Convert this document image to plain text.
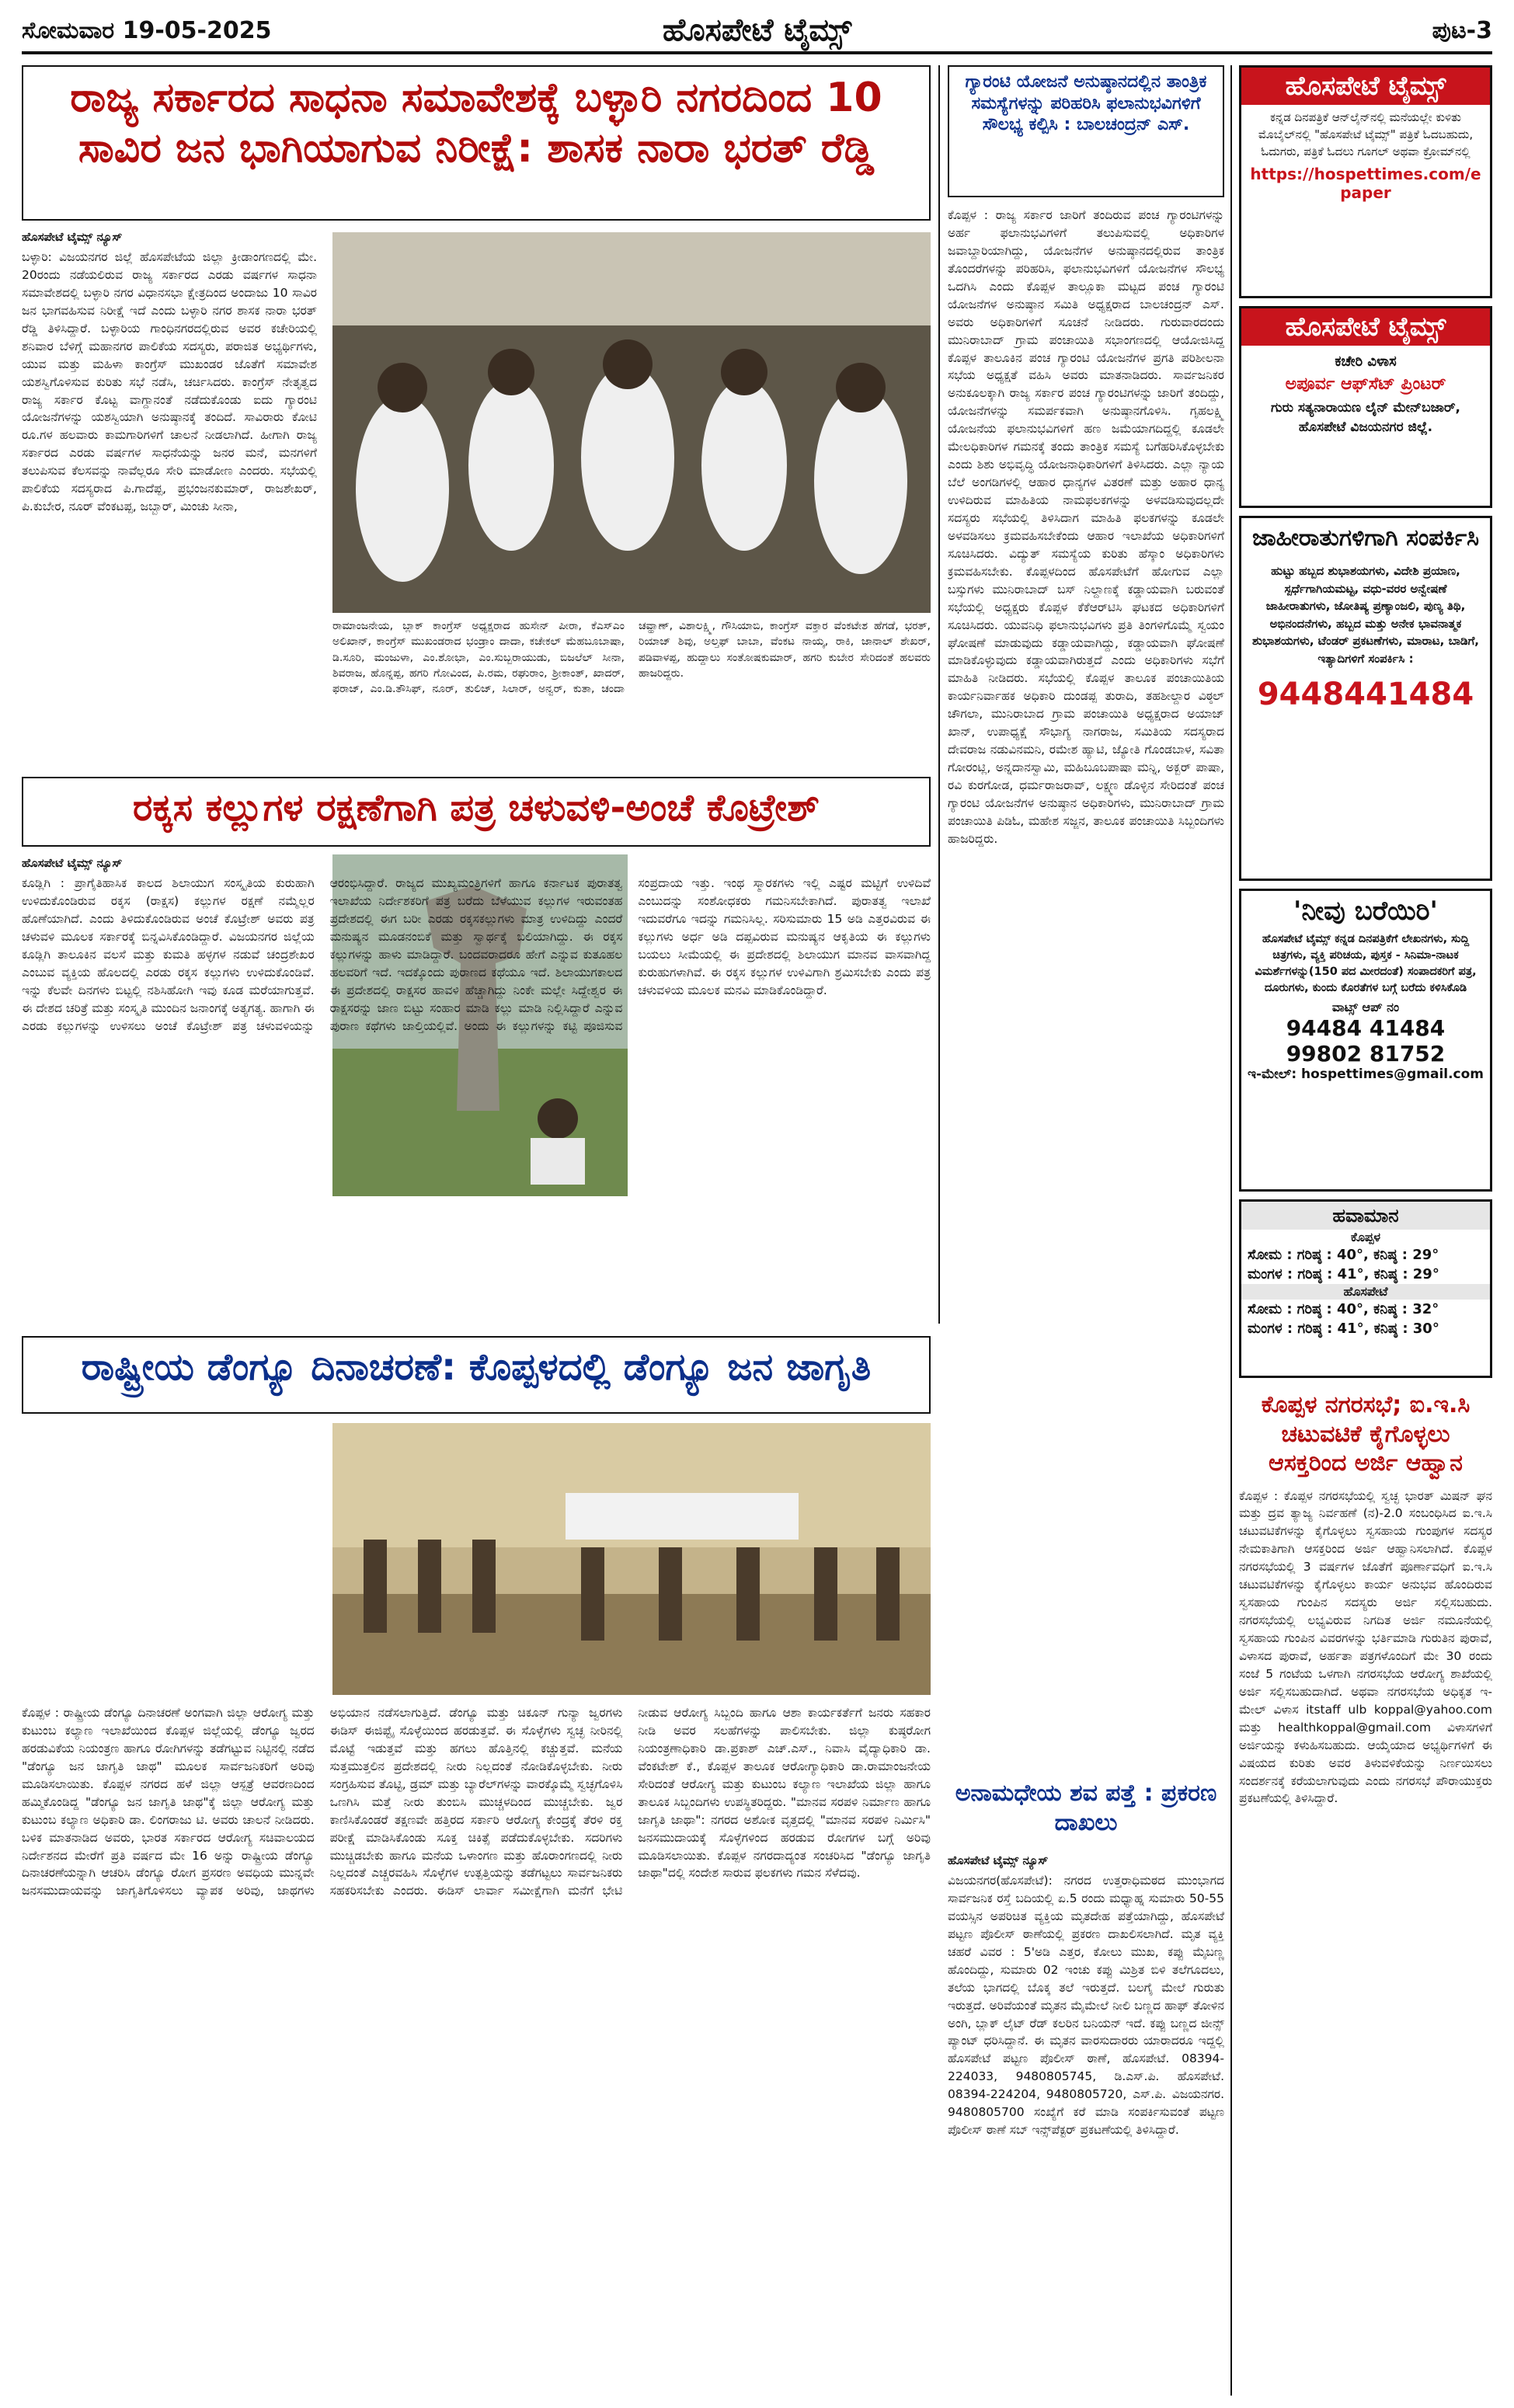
ಹೊಸಪೇಟೆ ಟೈಮ್ಸ್
ಸೋಮವಾರ 19-05-2025	ಪುಟ-3
ರಾಜ್ಯ ಸರ್ಕಾರದ ಸಾಧನಾ ಸಮಾವೇಶಕ್ಕೆ ಬಳ್ಳಾರಿ ನಗರದಿಂದ 10 ಸಾವಿರ ಜನ ಭಾಗಿಯಾಗುವ ನಿರೀಕ್ಷೆ: ಶಾಸಕ ನಾರಾ ಭರತ್ ರೆಡ್ಡಿ
ಹೊಸಪೇಟೆ ಟೈಮ್ಸ್ ನ್ಯೂಸ್
ಬಳ್ಳಾರಿ: ವಿಜಯನಗರ ಜಿಲ್ಲೆ ಹೊಸಪೇಟೆಯ ಜಿಲ್ಲಾ ಕ್ರೀಡಾಂಗಣದಲ್ಲಿ ಮೇ. 20ರಂದು ನಡೆಯಲಿರುವ ರಾಜ್ಯ ಸರ್ಕಾರದ ಎರಡು ವರ್ಷಗಳ ಸಾಧನಾ ಸಮಾವೇಶದಲ್ಲಿ ಬಳ್ಳಾರಿ ನಗರ ವಿಧಾನಸಭಾ ಕ್ಷೇತ್ರದಿಂದ ಅಂದಾಜು 10 ಸಾವಿರ ಜನ ಭಾಗವಹಿಸುವ ನಿರೀಕ್ಷೆ ಇದೆ ಎಂದು ಬಳ್ಳಾರಿ ನಗರ ಶಾಸಕ ನಾರಾ ಭರತ್ ರೆಡ್ಡಿ ತಿಳಿಸಿದ್ದಾರೆ. ಬಳ್ಳಾರಿಯ ಗಾಂಧಿನಗರದಲ್ಲಿರುವ ಅವರ ಕಚೇರಿಯಲ್ಲಿ ಶನಿವಾರ ಬೆಳಿಗ್ಗೆ ಮಹಾನಗರ ಪಾಲಿಕೆಯ ಸದಸ್ಯರು, ಪರಾಜಿತ ಅಭ್ಯರ್ಥಿಗಳು, ಯುವ ಮತ್ತು ಮಹಿಳಾ ಕಾಂಗ್ರೆಸ್ ಮುಖಂಡರ ಜೊತೆಗೆ ಸಮಾವೇಶ ಯಶಸ್ವಿಗೊಳಿಸುವ ಕುರಿತು ಸಭೆ ನಡೆಸಿ, ಚರ್ಚಿಸಿದರು. ಕಾಂಗ್ರೆಸ್ ನೇತೃತ್ವದ ರಾಜ್ಯ ಸರ್ಕಾರ ಕೊಟ್ಟ ವಾಗ್ದಾನಂತೆ ನಡೆದುಕೊಂಡು ಐದು ಗ್ಯಾರಂಟಿ ಯೋಜನೆಗಳನ್ನು ಯಶಸ್ವಿಯಾಗಿ ಅನುಷ್ಠಾನಕ್ಕೆ ತಂದಿದೆ. ಸಾವಿರಾರು ಕೋಟಿ ರೂ.ಗಳ ಹಲವಾರು ಕಾಮಗಾರಿಗಳಿಗೆ ಚಾಲನೆ ನೀಡಲಾಗಿದೆ. ಹೀಗಾಗಿ ರಾಜ್ಯ ಸರ್ಕಾರದ ಎರಡು ವರ್ಷಗಳ ಸಾಧನೆಯನ್ನು ಜನರ ಮನೆ, ಮನಗಳಿಗೆ ತಲುಪಿಸುವ ಕೆಲಸವನ್ನು ನಾವೆಲ್ಲರೂ ಸೇರಿ ಮಾಡೋಣ ಎಂದರು. ಸಭೆಯಲ್ಲಿ ಪಾಲಿಕೆಯ ಸದಸ್ಯರಾದ ಪಿ.ಗಾದೆಪ್ಪ, ಪ್ರಭಂಜನಕುಮಾರ್, ರಾಜಶೇಖರ್, ಪಿ.ಕುಬೇರ, ನೂರ್ ವೆಂಕಟಪ್ಪ, ಜಬ್ಬಾರ್, ಮಿಂಚು ಸೀನಾ,
ರಾಮಾಂಜನೇಯ, ಬ್ಲಾಕ್ ಕಾಂಗ್ರೆಸ್ ಅಧ್ಯಕ್ಷರಾದ ಹುಸೇನ್ ಪೀರಾ, ಕೆಎಸ್ಎಂ ಅಲಿಖಾನ್, ಕಾಂಗ್ರೆಸ್ ಮುಖಂಡರಾದ ಭಂಡ್ರಾಂ ದಾದಾ, ಕಚೇಕಲ್ ಮೆಹಬೂಬಾಷಾ, ಡಿ.ಸೂರಿ, ಮಂಜುಳಾ, ಎಂ.ಶೋಭಾ, ಎಂ.ಸುಬ್ಬರಾಯುಡು, ಬಿಜಲೆಲ್ ಸೀನಾ, ಶಿವರಾಜ, ಹೊನ್ನಪ್ಪ, ಹಗರಿ ಗೋವಿಂದ, ಪಿ.ರಮ, ರಘುರಾಂ, ಶ್ರೀಕಾಂತ್, ಖಾದರ್, ಫರಾಜ್, ಎಂ.ಡಿ.ತೌಸಿಫ್, ನೂರ್, ತುಲಿಜ್, ಸಿಲಾರ್, ಅನ್ವರ್, ಕುತಾ, ಚಂದಾ ಚವ್ಹಾಣ್, ವಿಶಾಲಕ್ಷ್ಮಿ, ಗೌಸಿಯಾಬಿ, ಕಾಂಗ್ರೆಸ್ ವಕ್ತಾರ ವೆಂಕಟೇಶ ಹೆಗಡೆ, ಭರತ್, ರಿಯಾಜ್ ಶಿವು, ಅಲ್ತಫ್ ಬಾಬಾ, ವೆಂಕಟ ನಾಯ್ಕ, ರಾಕಿ, ಜಾನಾಲ್ ಶೇಖರ್, ಪಡಿವಾಳಪ್ಪ, ಹುದ್ದಾಲು ಸಂತೋಷಕುಮಾರ್, ಹಗರಿ ಕುಬೇರ ಸೇರಿದಂತೆ ಹಲವರು ಹಾಜರಿದ್ದರು.
ಗ್ಯಾರಂಟಿ ಯೋಜನೆ ಅನುಷ್ಠಾನದಲ್ಲಿನ ತಾಂತ್ರಿಕ ಸಮಸ್ಯೆಗಳನ್ನು ಪರಿಹರಿಸಿ ಫಲಾನುಭವಿಗಳಿಗೆ ಸೌಲಭ್ಯ ಕಲ್ಪಿಸಿ : ಬಾಲಚಂದ್ರನ್ ಎಸ್.
ಕೊಪ್ಪಳ : ರಾಜ್ಯ ಸರ್ಕಾರ ಜಾರಿಗೆ ತಂದಿರುವ ಪಂಚ ಗ್ಯಾರಂಟಿಗಳನ್ನು ಅರ್ಹ ಫಲಾನುಭವಿಗಳಿಗೆ ತಲುಪಿಸುವಲ್ಲಿ ಅಧಿಕಾರಿಗಳ ಜವಾಬ್ದಾರಿಯಾಗಿದ್ದು, ಯೋಜನೆಗಳ ಅನುಷ್ಠಾನದಲ್ಲಿರುವ ತಾಂತ್ರಿಕ ತೊಂದರೆಗಳನ್ನು ಪರಿಹರಿಸಿ, ಫಲಾನುಭವಿಗಳಿಗೆ ಯೋಜನೆಗಳ ಸೌಲಭ್ಯ ಒದಗಿಸಿ ಎಂದು ಕೊಪ್ಪಳ ತಾಲ್ಲೂಕಾ ಮಟ್ಟದ ಪಂಚ ಗ್ಯಾರಂಟಿ ಯೋಜನೆಗಳ ಅನುಷ್ಠಾನ ಸಮಿತಿ ಅಧ್ಯಕ್ಷರಾದ ಬಾಲಚಂದ್ರನ್ ಎಸ್. ಅವರು ಅಧಿಕಾರಿಗಳಿಗೆ ಸೂಚನೆ ನೀಡಿದರು. ಗುರುವಾರದಂದು ಮುನಿರಾಬಾದ್ ಗ್ರಾಮ ಪಂಚಾಯಿತಿ ಸಭಾಂಗಣದಲ್ಲಿ ಆಯೋಜಿಸಿದ್ದ ಕೊಪ್ಪಳ ತಾಲೂಕಿನ ಪಂಚ ಗ್ಯಾರಂಟಿ ಯೋಜನೆಗಳ ಪ್ರಗತಿ ಪರಿಶೀಲನಾ ಸಭೆಯ ಅಧ್ಯಕ್ಷತೆ ವಹಿಸಿ ಅವರು ಮಾತನಾಡಿದರು. ಸಾರ್ವಜನಿಕರ ಅನುಕೂಲಕ್ಕಾಗಿ ರಾಜ್ಯ ಸರ್ಕಾರ ಪಂಚ ಗ್ಯಾರಂಟಿಗಳನ್ನು ಜಾರಿಗೆ ತಂದಿದ್ದು, ಯೋಜನೆಗಳನ್ನು ಸಮರ್ಪಕವಾಗಿ ಅನುಷ್ಠಾನಗೊಳಿಸಿ. ಗೃಹಲಕ್ಷ್ಮಿ ಯೋಜನೆಯ ಫಲಾನುಭವಿಗಳಿಗೆ ಹಣ ಜಮೆಯಾಗದಿದ್ದಲ್ಲಿ ಕೂಡಲೇ ಮೇಲಧಿಕಾರಿಗಳ ಗಮನಕ್ಕೆ ತಂದು ತಾಂತ್ರಿಕ ಸಮಸ್ಯೆ ಬಗೆಹರಿಸಿಕೊಳ್ಳಬೇಕು ಎಂದು ಶಿಶು ಅಭಿವೃದ್ಧಿ ಯೋಜನಾಧಿಕಾರಿಗಳಿಗೆ ತಿಳಿಸಿದರು. ಎಲ್ಲಾ ನ್ಯಾಯ ಬೆಲೆ ಅಂಗಡಿಗಳಲ್ಲಿ ಆಹಾರ ಧಾನ್ಯಗಳ ವಿತರಣೆ ಮತ್ತು ಅಹಾರ ಧಾನ್ಯ ಉಳಿದಿರುವ ಮಾಹಿತಿಯ ನಾಮಫಲಕಗಳನ್ನು ಅಳವಡಿಸುವುದಲ್ಲದೇ ಸದಸ್ಯರು ಸಭೆಯಲ್ಲಿ ತಿಳಿಸಿದಾಗ ಮಾಹಿತಿ ಫಲಕಗಳನ್ನು ಕೂಡಲೇ ಅಳವಡಿಸಲು ಕ್ರಮವಹಿಸಬೇಕೆಂದು ಆಹಾರ ಇಲಾಖೆಯ ಅಧಿಕಾರಿಗಳಿಗೆ ಸೂಚಿಸಿದರು. ವಿದ್ಯುತ್ ಸಮಸ್ಯೆಯ ಕುರಿತು ಹೆಸ್ಕಾಂ ಅಧಿಕಾರಿಗಳು ಕ್ರಮವಹಿಸಬೇಕು. ಕೊಪ್ಪಳದಿಂದ ಹೊಸಪೇಟೆಗೆ ಹೋಗುವ ಎಲ್ಲಾ ಬಸ್ಸುಗಳು ಮುನಿರಾಬಾದ್ ಬಸ್ ನಿಲ್ದಾಣಕ್ಕೆ ಕಡ್ಡಾಯವಾಗಿ ಬರುವಂತೆ ಸಭೆಯಲ್ಲಿ ಅಧ್ಯಕ್ಷರು ಕೊಪ್ಪಳ ಕೆಕೆಆರ್‌ಟಿಸಿ ಘಟಕದ ಅಧಿಕಾರಿಗಳಿಗೆ ಸೂಚಿಸಿದರು. ಯುವನಿಧಿ ಫಲಾನುಭವಿಗಳು ಪ್ರತಿ ತಿಂಗಳಿಗೊಮ್ಮೆ ಸ್ವಯಂ ಘೋಷಣೆ ಮಾಡುವುದು ಕಡ್ಡಾಯವಾಗಿದ್ದು, ಕಡ್ಡಾಯವಾಗಿ ಘೋಷಣೆ ಮಾಡಿಕೊಳ್ಳುವುದು ಕಡ್ಡಾಯವಾಗಿರುತ್ತದೆ ಎಂದು ಅಧಿಕಾರಿಗಳು ಸಭೆಗೆ ಮಾಹಿತಿ ನೀಡಿದರು. ಸಭೆಯಲ್ಲಿ ಕೊಪ್ಪಳ ತಾಲೂಕ ಪಂಚಾಯಿತಿಯ ಕಾರ್ಯನಿರ್ವಾಹಕ ಅಧಿಕಾರಿ ದುಂಡಪ್ಪ ತುರಾದಿ, ತಹಶೀಲ್ದಾರ ವಿಠ್ಠಲ್ ಚೌಗಲಾ, ಮುನಿರಾಬಾದ ಗ್ರಾಮ ಪಂಚಾಯಿತಿ ಅಧ್ಯಕ್ಷರಾದ ಅಯಾಜ್ ಖಾನ್, ಉಪಾಧ್ಯಕ್ಷೆ ಸೌಭಾಗ್ಯ ನಾಗರಾಜ, ಸಮಿತಿಯ ಸದಸ್ಯರಾದ ದೇವರಾಜ ನಡುವಿನಮನಿ, ರಮೇಶ ಹ್ಯಾಟಿ, ಜ್ಯೋತಿ ಗೊಂಡಬಾಳ, ಸವಿತಾ ಗೋರಂಟ್ಲಿ, ಅನ್ನದಾನಸ್ವಾಮಿ, ಮಹಿಬೂಬಪಾಷಾ ಮನ್ನಿ, ಅಕ್ಬರ್ ಪಾಷಾ, ರವಿ ಕುರಗೋಡ, ಧರ್ಮರಾಜರಾವ್, ಲಕ್ಷ್ಮಣ ಡೊಳ್ಳಿನ ಸೇರಿದಂತೆ ಪಂಚ ಗ್ಯಾರಂಟಿ ಯೋಜನೆಗಳ ಅನುಷ್ಠಾನ ಅಧಿಕಾರಿಗಳು, ಮುನಿರಾಬಾದ್ ಗ್ರಾಮ ಪಂಚಾಯಿತಿ ಪಿಡಿಓ, ಮಹೇಶ ಸಜ್ಜನ, ತಾಲೂಕ ಪಂಚಾಯಿತಿ ಸಿಬ್ಬಂದಿಗಳು ಹಾಜರಿದ್ದರು.
ರಕ್ಕಸ ಕಲ್ಲುಗಳ ರಕ್ಷಣೆಗಾಗಿ ಪತ್ರ ಚಳುವಳಿ-ಅಂಚೆ ಕೊಟ್ರೇಶ್
ಹೊಸಪೇಟೆ ಟೈಮ್ಸ್ ನ್ಯೂಸ್
ಕೂಡ್ಲಿಗಿ : ಪ್ರಾಗೈತಿಹಾಸಿಕ ಕಾಲದ ಶಿಲಾಯುಗ ಸಂಸ್ಕೃತಿಯ ಕುರುಹಾಗಿ ಉಳಿದುಕೊಂಡಿರುವ ರಕ್ಕಸ (ರಾಕ್ಷಸ) ಕಲ್ಲುಗಳ ರಕ್ಷಣೆ ನಮ್ಮೆಲ್ಲರ ಹೊಣೆಯಾಗಿದೆ. ಎಂದು ತಿಳಿದುಕೊಂಡಿರುವ ಅಂಚೆ ಕೊಟ್ರೇಶ್ ಅವರು ಪತ್ರ ಚಳುವಳಿ ಮೂಲಕ ಸರ್ಕಾರಕ್ಕೆ ಬಿನ್ನವಿಸಿಕೊಂಡಿದ್ದಾರೆ. ವಿಜಯನಗರ ಜಿಲ್ಲೆಯ ಕೂಡ್ಲಿಗಿ ತಾಲೂಕಿನ ವಲಸೆ ಮತ್ತು ಕುಮತಿ ಹಳ್ಳಗಳ ನಡುವೆ ಚಂದ್ರಶೇಖರ ಎಂಬುವ ವ್ಯಕ್ತಿಯ ಹೊಲದಲ್ಲಿ ಎರಡು ರಕ್ಕಸ ಕಲ್ಲುಗಳು ಉಳಿದುಕೊಂಡಿವೆ. ಇನ್ನು ಕೆಲವೇ ದಿನಗಳು ಬಿಟ್ಟಲ್ಲಿ ನಶಿಸಿಹೋಗಿ ಇವು ಕೂಡ ಮರೆಯಾಗುತ್ತವೆ. ಈ ದೇಶದ ಚರಿತ್ರೆ ಮತ್ತು ಸಂಸ್ಕೃತಿ ಮುಂದಿನ ಜನಾಂಗಕ್ಕೆ ಅತ್ಯಗತ್ಯ. ಹಾಗಾಗಿ ಈ ಎರಡು ಕಲ್ಲುಗಳನ್ನು ಉಳಿಸಲು ಅಂಚೆ ಕೊಟ್ರೇಶ್ ಪತ್ರ ಚಳುವಳಿಯನ್ನು ಆರಂಭಿಸಿದ್ದಾರೆ. ರಾಜ್ಯದ ಮುಖ್ಯಮಂತ್ರಿಗಳಿಗೆ ಹಾಗೂ ಕರ್ನಾಟಕ ಪುರಾತತ್ವ ಇಲಾಖೆಯ ನಿರ್ದೇಶಕರಿಗೆ ಪತ್ರ ಬರೆದು ಬೆಳೆಯುವ ಕಲ್ಲುಗಳ ಇರುವಂತಹ ಪ್ರದೇಶದಲ್ಲಿ ಈಗ ಬರೀ ಎರಡು ರಕ್ಕಸಕಲ್ಲುಗಳು ಮಾತ್ರ ಉಳಿದಿದ್ದು ಎಂದರೆ ಮನುಷ್ಯನ ಮೂಡನಂಬಿಕೆ ಮತ್ತು ಸ್ವಾರ್ಥಕ್ಕೆ ಬಲಿಯಾಗಿದ್ದು. ಈ ರಕ್ಕಸ ಕಲ್ಲುಗಳನ್ನು ಹಾಳು ಮಾಡಿದ್ದಾರೆ. ಬಂದವರಾದರೂ ಹೇಗೆ ಎನ್ನುವ ಕುತೂಹಲ ಹಲವರಿಗೆ ಇದೆ. ಇದಕ್ಕೊಂದು ಪುರಾಣದ ಕಥೆಯೂ ಇದೆ. ಶಿಲಾಯುಗಕಾಲದ ಈ ಪ್ರದೇಶದಲ್ಲಿ ರಾಕ್ಷಸರ ಹಾವಳಿ ಹೆಚ್ಚಾಗಿದ್ದು ನಿಂಕೇ ಮಲ್ಲೇ ಸಿದ್ದೇಶ್ವರ ಈ ರಾಕ್ಷಸರನ್ನು ಜಾಣ ಬಿಟ್ಟು ಸಂಹಾರ ಮಾಡಿ ಕಲ್ಲು ಮಾಡಿ ನಿಲ್ಲಿಸಿದ್ದಾರೆ ಎನ್ನುವ ಪುರಾಣ ಕಥೆಗಳು ಜಾಲ್ತಿಯಲ್ಲಿವೆ. ಅಂದು ಈ ಕಲ್ಲುಗಳನ್ನು ಕಟ್ಟಿ ಪೂಜಿಸುವ ಸಂಪ್ರದಾಯ ಇತ್ತು. ಇಂಥ ಸ್ಮಾರಕಗಳು ಇಲ್ಲಿ ಎಷ್ಟರ ಮಟ್ಟಿಗೆ ಉಳಿದಿವೆ ಎಂಬುದನ್ನು ಸಂಶೋಧಕರು ಗಮನಿಸಬೇಕಾಗಿದೆ. ಪುರಾತತ್ವ ಇಲಾಖೆ ಇದುವರೆಗೂ ಇದನ್ನು ಗಮನಿಸಿಲ್ಲ. ಸರಿಸುಮಾರು 15 ಅಡಿ ಎತ್ತರವಿರುವ ಈ ಕಲ್ಲುಗಳು ಅರ್ಧ ಅಡಿ ದಪ್ಪವಿರುವ ಮನುಷ್ಯನ ಆಕೃತಿಯ ಈ ಕಲ್ಲುಗಳು ಬಯಲು ಸೀಮೆಯಲ್ಲಿ ಈ ಪ್ರದೇಶದಲ್ಲಿ ಶಿಲಾಯುಗ ಮಾನವ ವಾಸವಾಗಿದ್ದ ಕುರುಹುಗಳಾಗಿವೆ. ಈ ರಕ್ಕಸ ಕಲ್ಲುಗಳ ಉಳಿವಿಗಾಗಿ ಶ್ರಮಿಸಬೇಕು ಎಂದು ಪತ್ರ ಚಳುವಳಿಯ ಮೂಲಕ ಮನವಿ ಮಾಡಿಕೊಂಡಿದ್ದಾರೆ.
ರಾಷ್ಟ್ರೀಯ ಡೆಂಗ್ಯೂ ದಿನಾಚರಣೆ: ಕೊಪ್ಪಳದಲ್ಲಿ ಡೆಂಗ್ಯೂ ಜನ ಜಾಗೃತಿ
ಕೊಪ್ಪಳ : ರಾಷ್ಟ್ರೀಯ ಡೆಂಗ್ಯೂ ದಿನಾಚರಣೆ ಅಂಗವಾಗಿ ಜಿಲ್ಲಾ ಆರೋಗ್ಯ ಮತ್ತು ಕುಟುಂಬ ಕಲ್ಯಾಣ ಇಲಾಖೆಯಿಂದ ಕೊಪ್ಪಳ ಜಿಲ್ಲೆಯಲ್ಲಿ ಡೆಂಗ್ಯೂ ಜ್ವರದ ಹರಡುವಿಕೆಯ ನಿಯಂತ್ರಣ ಹಾಗೂ ರೋಗಿಗಳನ್ನು ತಡೆಗಟ್ಟುವ ನಿಟ್ಟಿನಲ್ಲಿ ನಡೆದ "ಡೆಂಗ್ಯೂ ಜನ ಜಾಗೃತಿ ಜಾಥ" ಮೂಲಕ ಸಾರ್ವಜನಿಕರಿಗೆ ಅರಿವು ಮೂಡಿಸಲಾಯಿತು. ಕೊಪ್ಪಳ ನಗರದ ಹಳೆ ಜಿಲ್ಲಾ ಆಸ್ಪತ್ರೆ ಆವರಣದಿಂದ ಹಮ್ಮಿಕೊಂಡಿದ್ದ "ಡೆಂಗ್ಯೂ ಜನ ಜಾಗೃತಿ ಜಾಥ"ಕ್ಕೆ ಜಿಲ್ಲಾ ಆರೋಗ್ಯ ಮತ್ತು ಕುಟುಂಬ ಕಲ್ಯಾಣ ಅಧಿಕಾರಿ ಡಾ. ಲಿಂಗರಾಜು ಟಿ. ಅವರು ಚಾಲನೆ ನೀಡಿದರು. ಬಳಿಕ ಮಾತನಾಡಿದ ಅವರು, ಭಾರತ ಸರ್ಕಾರದ ಆರೋಗ್ಯ ಸಚಿವಾಲಯದ ನಿರ್ದೇಶನದ ಮೇರೆಗೆ ಪ್ರತಿ ವರ್ಷದ ಮೇ 16 ಅನ್ನು ರಾಷ್ಟ್ರೀಯ ಡೆಂಗ್ಯೂ ದಿನಾಚರಣೆಯನ್ನಾಗಿ ಆಚರಿಸಿ ಡೆಂಗ್ಯೂ ರೋಗ ಪ್ರಸರಣ ಅವಧಿಯ ಮುನ್ನವೇ ಜನಸಮುದಾಯವನ್ನು ಜಾಗೃತಿಗೊಳಿಸಲು ವ್ಯಾಪಕ ಅರಿವು, ಜಾಥಗಳು ಅಭಿಯಾನ ನಡೆಸಲಾಗುತ್ತಿದೆ. ಡೆಂಗ್ಯೂ ಮತ್ತು ಚಿಕೂನ್ ಗುನ್ಯಾ ಜ್ವರಗಳು ಈಡಿಸ್ ಈಜಿಪ್ಟೈ ಸೊಳ್ಳೆಯಿಂದ ಹರಡುತ್ತವೆ. ಈ ಸೊಳ್ಳೆಗಳು ಸ್ವಚ್ಛ ನೀರಿನಲ್ಲಿ ಮೊಟ್ಟೆ ಇಡುತ್ತವೆ ಮತ್ತು ಹಗಲು ಹೊತ್ತಿನಲ್ಲಿ ಕಚ್ಚುತ್ತವೆ. ಮನೆಯ ಸುತ್ತಮುತ್ತಲಿನ ಪ್ರದೇಶದಲ್ಲಿ ನೀರು ನಿಲ್ಲದಂತೆ ನೋಡಿಕೊಳ್ಳಬೇಕು. ನೀರು ಸಂಗ್ರಹಿಸುವ ತೊಟ್ಟಿ, ಡ್ರಮ್ ಮತ್ತು ಬ್ಯಾರೆಲ್‌ಗಳನ್ನು ವಾರಕ್ಕೊಮ್ಮೆ ಸ್ವಚ್ಛಗೊಳಿಸಿ ಒಣಗಿಸಿ ಮತ್ತೆ ನೀರು ತುಂಬಿಸಿ ಮುಚ್ಚಳದಿಂದ ಮುಚ್ಚಬೇಕು. ಜ್ವರ ಕಾಣಿಸಿಕೊಂಡರೆ ತಕ್ಷಣವೇ ಹತ್ತಿರದ ಸರ್ಕಾರಿ ಆರೋಗ್ಯ ಕೇಂದ್ರಕ್ಕೆ ತೆರಳಿ ರಕ್ತ ಪರೀಕ್ಷೆ ಮಾಡಿಸಿಕೊಂಡು ಸೂಕ್ತ ಚಿಕಿತ್ಸೆ ಪಡೆದುಕೊಳ್ಳಬೇಕು. ಸದರಿಗಳು ಮುಚ್ಚಿಡಬೇಕು ಹಾಗೂ ಮನೆಯ ಒಳಾಂಗಣ ಮತ್ತು ಹೊರಾಂಗಣದಲ್ಲಿ ನೀರು ನಿಲ್ಲದಂತೆ ಎಚ್ಚರವಹಿಸಿ ಸೊಳ್ಳೆಗಳ ಉತ್ಪತ್ತಿಯನ್ನು ತಡೆಗಟ್ಟಲು ಸಾರ್ವಜನಿಕರು ಸಹಕರಿಸಬೇಕು ಎಂದರು. ಈಡಿಸ್ ಲಾರ್ವಾ ಸಮೀಕ್ಷೆಗಾಗಿ ಮನೆಗೆ ಭೇಟಿ ನೀಡುವ ಆರೋಗ್ಯ ಸಿಬ್ಬಂದಿ ಹಾಗೂ ಆಶಾ ಕಾರ್ಯಕರ್ತೆಗೆ ಜನರು ಸಹಕಾರ ನೀಡಿ ಅವರ ಸಲಹೆಗಳನ್ನು ಪಾಲಿಸಬೇಕು. ಜಿಲ್ಲಾ ಕುಷ್ಠರೋಗ ನಿಯಂತ್ರಣಾಧಿಕಾರಿ ಡಾ.ಪ್ರಕಾಶ್ ಎಚ್.ಎಸ್., ನಿವಾಸಿ ವೈದ್ಯಾಧಿಕಾರಿ ಡಾ. ವೆಂಕಟೇಶ್ ಕೆ., ಕೊಪ್ಪಳ ತಾಲೂಕ ಆರೋಗ್ಯಾಧಿಕಾರಿ ಡಾ.ರಾಮಾಂಜನೇಯ ಸೇರಿದಂತೆ ಆರೋಗ್ಯ ಮತ್ತು ಕುಟುಂಬ ಕಲ್ಯಾಣ ಇಲಾಖೆಯ ಜಿಲ್ಲಾ ಹಾಗೂ ತಾಲೂಕ ಸಿಬ್ಬಂದಿಗಳು ಉಪಸ್ಥಿತರಿದ್ದರು. "ಮಾನವ ಸರಪಳಿ ನಿರ್ಮಾಣ ಹಾಗೂ ಜಾಗೃತಿ ಜಾಥಾ": ನಗರದ ಅಶೋಕ ವೃತ್ತದಲ್ಲಿ "ಮಾನವ ಸರಪಳಿ ನಿರ್ಮಿಸಿ" ಜನಸಮುದಾಯಕ್ಕೆ ಸೊಳ್ಳೆಗಳಿಂದ ಹರಡುವ ರೋಗಗಳ ಬಗ್ಗೆ ಅರಿವು ಮೂಡಿಸಲಾಯಿತು. ಕೊಪ್ಪಳ ನಗರದಾದ್ಯಂತ ಸಂಚರಿಸಿದ "ಡೆಂಗ್ಯೂ ಜಾಗೃತಿ ಜಾಥಾ"ದಲ್ಲಿ ಸಂದೇಶ ಸಾರುವ ಫಲಕಗಳು ಗಮನ ಸೆಳೆದವು.
ಅನಾಮಧೇಯ ಶವ ಪತ್ತೆ : ಪ್ರಕರಣ ದಾಖಲು
ಹೊಸಪೇಟೆ ಟೈಮ್ಸ್ ನ್ಯೂಸ್
ವಿಜಯನಗರ(ಹೊಸಪೇಟೆ): ನಗರದ ಉತ್ತರಾಧಿಮಠದ ಮುಂಭಾಗದ ಸಾರ್ವಜನಿಕ ರಸ್ತೆ ಬದಿಯಲ್ಲಿ ಏ.5 ರಂದು ಮಧ್ಯಾಹ್ನ ಸುಮಾರು 50-55 ವಯಸ್ಸಿನ ಅಪರಿಚಿತ ವ್ಯಕ್ತಿಯ ಮೃತದೇಹ ಪತ್ತೆಯಾಗಿದ್ದು, ಹೊಸಪೇಟೆ ಪಟ್ಟಣ ಪೊಲೀಸ್ ಠಾಣೆಯಲ್ಲಿ ಪ್ರಕರಣ ದಾಖಲಿಸಲಾಗಿದೆ. ಮೃತ ವ್ಯಕ್ತಿ ಚಹರೆ ವಿವರ : 5'ಅಡಿ ಎತ್ತರ, ಕೋಲು ಮುಖ, ಕಪ್ಪು ಮೈಬಣ್ಣ ಹೊಂದಿದ್ದು, ಸುಮಾರು 02 ಇಂಚು ಕಪ್ಪು ಮಿಶ್ರಿತ ಬಿಳಿ ತಲೆಗೂದಲು, ತಲೆಯ ಭಾಗದಲ್ಲಿ ಬೊಕ್ಕ ತಲೆ ಇರುತ್ತದೆ. ಬಲಗೈ ಮೇಲೆ ಗುರುತು ಇರುತ್ತದೆ. ಅರಿವೆಯಂತೆ ಮೃತನ ಮೈಮೇಲೆ ನೀಲಿ ಬಣ್ಣದ ಹಾಫ್ ತೋಳಿನ ಅಂಗಿ, ಬ್ಲಾಕ್ ಲೈಟ್ ರೆಡ್ ಕಲರಿನ ಬನಿಯನ್ ಇದೆ. ಕಪ್ಪು ಬಣ್ಣದ ಜೀನ್ಸ್ ಪ್ಯಾಂಟ್ ಧರಿಸಿದ್ದಾನೆ. ಈ ಮೃತನ ವಾರಸುದಾರರು ಯಾರಾದರೂ ಇದ್ದಲ್ಲಿ ಹೊಸಪೇಟೆ ಪಟ್ಟಣ ಪೊಲೀಸ್ ಠಾಣೆ, ಹೊಸಪೇಟೆ. 08394-224033, 9480805745, ಡಿ.ಎಸ್.ಪಿ. ಹೊಸಪೇಟೆ. 08394-224204, 9480805720, ಎಸ್.ಪಿ. ವಿಜಯನಗರ. 9480805700 ಸಂಖ್ಯೆಗೆ ಕರೆ ಮಾಡಿ ಸಂಪರ್ಕಿಸುವಂತೆ ಪಟ್ಟಣ ಪೊಲೀಸ್ ಠಾಣೆ ಸಬ್ ಇನ್ಸ್‌ಪೆಕ್ಟರ್ ಪ್ರಕಟಣೆಯಲ್ಲಿ ತಿಳಿಸಿದ್ದಾರೆ.
ಹೊಸಪೇಟೆ ಟೈಮ್ಸ್
ಕನ್ನಡ ದಿನಪತ್ರಿಕೆ ಆನ್‌ಲೈನ್‌ನಲ್ಲಿ ಮನೆಯಲ್ಲೇ ಕುಳಿತು ಮೊಬೈಲ್‌ನಲ್ಲಿ "ಹೊಸಪೇಟೆ ಟೈಮ್ಸ್" ಪತ್ರಿಕೆ ಓದಬಹುದು, ಓದುಗರು, ಪತ್ರಿಕೆ ಓದಲು ಗೂಗಲ್ ಅಥವಾ ಕ್ರೋಮ್‌ನಲ್ಲಿ
https://hospettimes.com/epaper
ಹೊಸಪೇಟೆ ಟೈಮ್ಸ್
ಕಚೇರಿ ವಿಳಾಸ
ಅಪೂರ್ವ ಆಫ್‌ಸೆಟ್ ಪ್ರಿಂಟರ್
ಗುರು ಸತ್ಯನಾರಾಯಣ ಲೈನ್ ಮೇನ್‌ಬಜಾರ್, ಹೊಸಪೇಟೆ ವಿಜಯನಗರ ಜಿಲ್ಲೆ.
ಜಾಹೀರಾತುಗಳಿಗಾಗಿ ಸಂಪರ್ಕಿಸಿ
ಹುಟ್ಟು ಹಬ್ಬದ ಶುಭಾಶಯಗಳು, ವಿದೇಶಿ ಪ್ರಯಾಣ, ಸ್ಪರ್ಧೆಗಾಗಿಯಮಟ್ಟ, ವಧು-ವರರ ಅನ್ವೇಷಣೆ ಜಾಹೀರಾತುಗಳು, ಜೋತಿಷ್ಯ ಪ್ರಣ್ಯಾಂಜಲಿ, ಪುಣ್ಯ ತಿಥಿ, ಅಭಿನಂದನೆಗಳು, ಹಬ್ಬದ ಮತ್ತು ಅನೇಕ ಭಾವನಾತ್ಮಕ ಶುಭಾಶಯಗಳು, ಟೆಂಡರ್ ಪ್ರಕಟಣೆಗಳು, ಮಾರಾಟ, ಬಾಡಿಗೆ, ಇತ್ಯಾದಿಗಳಿಗೆ ಸಂಪರ್ಕಿಸಿ :
9448441484
'ನೀವು ಬರೆಯಿರಿ'
ಹೊಸಪೇಟೆ ಟೈಮ್ಸ್ ಕನ್ನಡ ದಿನಪತ್ರಿಕೆಗೆ ಲೇಖನಗಳು, ಸುದ್ದಿ ಚಿತ್ರಗಳು, ವ್ಯಕ್ತಿ ಪರಿಚಯ, ಪುಸ್ತಕ - ಸಿನಿಮಾ-ನಾಟಕ ವಿಮರ್ಶೆಗಳನ್ನು(150 ಪದ ಮೀರದಂತೆ) ಸಂಪಾದಕರಿಗೆ ಪತ್ರ, ದೂರುಗಳು, ಕುಂದು ಕೊರತೆಗಳ ಬಗ್ಗೆ ಬರೆದು ಕಳಿಸಿಕೊಡಿ
ವಾಟ್ಸ್ ಆಪ್ ನಂ
94484 41484
99802 81752
ಇ-ಮೇಲ್: hospettimes@gmail.com
ಹವಾಮಾನ
ಕೊಪ್ಪಳ
ಸೋಮ : ಗರಿಷ್ಠ : 40°, ಕನಿಷ್ಠ : 29°
ಮಂಗಳ : ಗರಿಷ್ಠ : 41°, ಕನಿಷ್ಠ : 29°
ಹೊಸಪೇಟೆ
ಸೋಮ : ಗರಿಷ್ಠ : 40°, ಕನಿಷ್ಠ : 32°
ಮಂಗಳ : ಗರಿಷ್ಠ : 41°, ಕನಿಷ್ಠ : 30°
ಕೊಪ್ಪಳ ನಗರಸಭೆ; ಐ.ಇ.ಸಿ ಚಟುವಟಿಕೆ ಕೈಗೊಳ್ಳಲು ಆಸಕ್ತರಿಂದ ಅರ್ಜಿ ಆಹ್ವಾನ
ಕೊಪ್ಪಳ : ಕೊಪ್ಪಳ ನಗರಸಭೆಯಲ್ಲಿ ಸ್ವಚ್ಛ ಭಾರತ್ ಮಿಷನ್ ಘನ ಮತ್ತು ದ್ರವ ತ್ಯಾಜ್ಯ ನಿರ್ವಹಣೆ (ನ)-2.0 ಸಂಬಂಧಿಸಿದ ಐ.ಇ.ಸಿ ಚಟುವಟಿಕೆಗಳನ್ನು ಕೈಗೊಳ್ಳಲು ಸ್ವಸಹಾಯ ಗುಂಪುಗಳ ಸದಸ್ಯರ ನೇಮಕಾತಿಗಾಗಿ ಆಸಕ್ತರಿಂದ ಅರ್ಜಿ ಆಹ್ವಾನಿಸಲಾಗಿದೆ. ಕೊಪ್ಪಳ ನಗರಸಭೆಯಲ್ಲಿ 3 ವರ್ಷಗಳ ಜೊತೆಗೆ ಪೂರ್ಣಾವಧಿಗೆ ಐ.ಇ.ಸಿ ಚಟುವಟಿಕೆಗಳನ್ನು ಕೈಗೊಳ್ಳಲು ಕಾರ್ಯ ಅನುಭವ ಹೊಂದಿರುವ ಸ್ವಸಹಾಯ ಗುಂಪಿನ ಸದಸ್ಯರು ಅರ್ಜಿ ಸಲ್ಲಿಸಬಹುದು. ನಗರಸಭೆಯಲ್ಲಿ ಲಭ್ಯವಿರುವ ನಿಗದಿತ ಅರ್ಜಿ ನಮೂನೆಯಲ್ಲಿ ಸ್ವಸಹಾಯ ಗುಂಪಿನ ವಿವರಗಳನ್ನು ಭರ್ತಿಮಾಡಿ ಗುರುತಿನ ಪುರಾವೆ, ವಿಳಾಸದ ಪುರಾವೆ, ಅರ್ಹತಾ ಪತ್ರಗಳೊಂದಿಗೆ ಮೇ 30 ರಂದು ಸಂಜೆ 5 ಗಂಟೆಯ ಒಳಗಾಗಿ ನಗರಸಭೆಯ ಆರೋಗ್ಯ ಶಾಖೆಯಲ್ಲಿ ಅರ್ಜಿ ಸಲ್ಲಿಸಬಹುದಾಗಿದೆ. ಅಥವಾ ನಗರಸಭೆಯ ಅಧಿಕೃತ ಇ-ಮೇಲ್ ವಿಳಾಸ itstaff ulb koppal@yahoo.com ಮತ್ತು healthkoppal@gmail.com ವಿಳಾಸಗಳಿಗೆ ಅರ್ಜಿಯನ್ನು ಕಳುಹಿಸಬಹುದು. ಆಯ್ಕೆಯಾದ ಅಭ್ಯರ್ಥಿಗಳಿಗೆ ಈ ವಿಷಯದ ಕುರಿತು ಅವರ ತಿಳುವಳಿಕೆಯನ್ನು ನಿರ್ಣಯಿಸಲು ಸಂದರ್ಶನಕ್ಕೆ ಕರೆಯಲಾಗುವುದು ಎಂದು ನಗರಸಭೆ ಪೌರಾಯುಕ್ತರು ಪ್ರಕಟಣೆಯಲ್ಲಿ ತಿಳಿಸಿದ್ದಾರೆ.
